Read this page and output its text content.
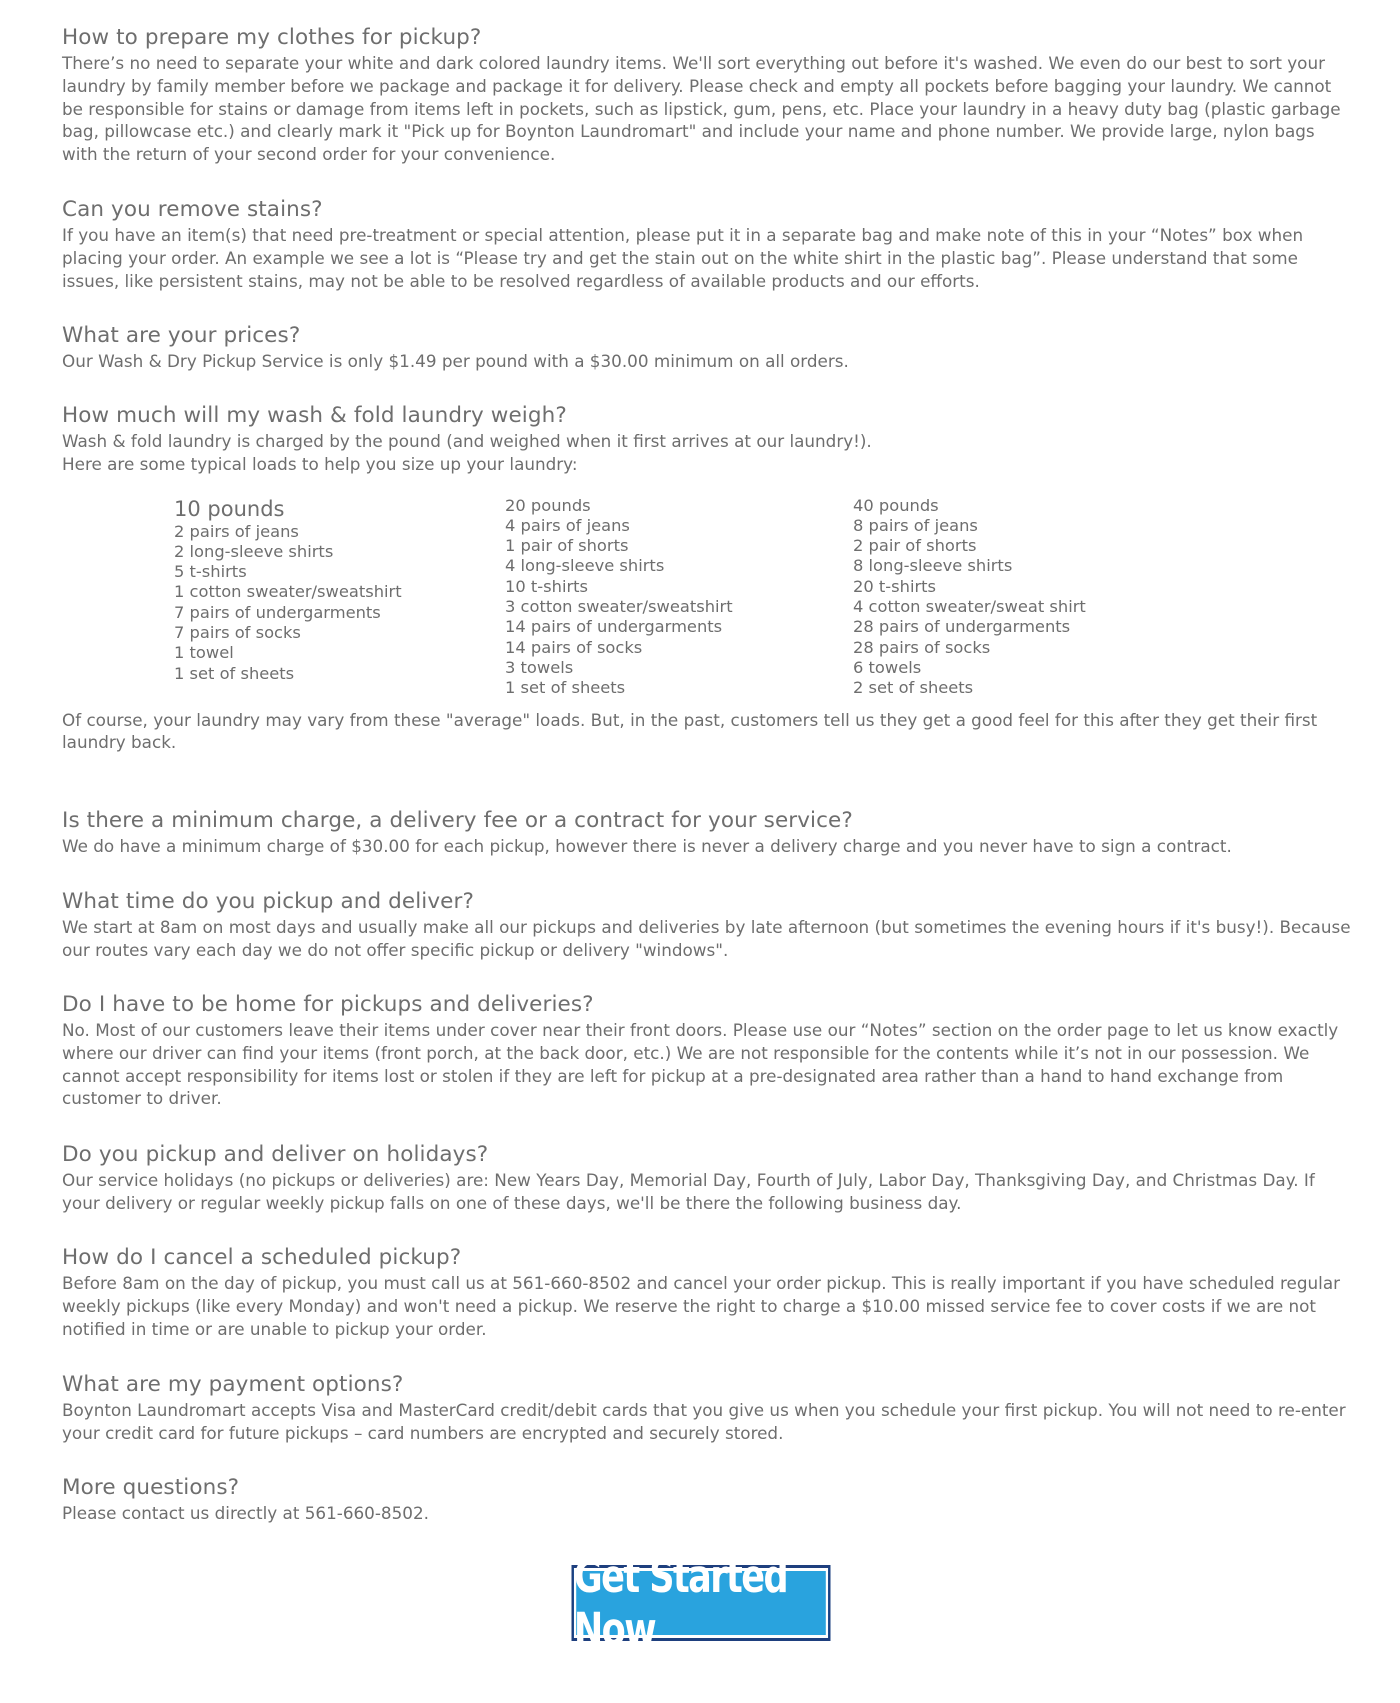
How to prepare my clothes for pickup?

There’s no need to separate your white and dark colored laundry items. We'll sort everything out before it's washed. We even do our best to sort your laundry by family member before we package and package it for delivery. Please check and empty all pockets before bagging your laundry. We cannot be responsible for stains or damage from items left in pockets, such as lipstick, gum, pens, etc. Place your laundry in a heavy duty bag (plastic garbage bag, pillowcase etc.) and clearly mark it "Pick up for Boynton Laundromart" and include your name and phone number. We provide large, nylon bags with the return of your second order for your convenience.

Can you remove stains?

If you have an item(s) that need pre-treatment or special attention, please put it in a separate bag and make note of this in your “Notes” box when placing your order. An example we see a lot is “Please try and get the stain out on the white shirt in the plastic bag”. Please understand that some issues, like persistent stains, may not be able to be resolved regardless of available products and our efforts.

What are your prices?

Our Wash & Dry Pickup Service is only $1.49 per pound with a $30.00 minimum on all orders.

How much will my wash & fold laundry weigh?

Wash & fold laundry is charged by the pound (and weighed when it first arrives at our laundry!).

Here are some typical loads to help you size up your laundry:

10 pounds
2 pairs of jeans
2 long-sleeve shirts
5 t-shirts
1 cotton sweater/sweatshirt
7 pairs of undergarments
7 pairs of socks
1 towel
1 set of sheets
20 pounds
4 pairs of jeans
1 pair of shorts
4 long-sleeve shirts
10 t-shirts
3 cotton sweater/sweatshirt
14 pairs of undergarments
14 pairs of socks
3 towels
1 set of sheets
40 pounds
8 pairs of jeans
2 pair of shorts
8 long-sleeve shirts
20 t-shirts
4 cotton sweater/sweat shirt
28 pairs of undergarments
28 pairs of socks
6 towels
2 set of sheets

Of course, your laundry may vary from these "average" loads. But, in the past, customers tell us they get a good feel for this after they get their first laundry back.

Is there a minimum charge, a delivery fee or a contract for your service?

We do have a minimum charge of $30.00 for each pickup, however there is never a delivery charge and you never have to sign a contract.

What time do you pickup and deliver?

We start at 8am on most days and usually make all our pickups and deliveries by late afternoon (but sometimes the evening hours if it's busy!). Because our routes vary each day we do not offer specific pickup or delivery "windows".

Do I have to be home for pickups and deliveries?

No. Most of our customers leave their items under cover near their front doors. Please use our “Notes” section on the order page to let us know exactly where our driver can find your items (front porch, at the back door, etc.) We are not responsible for the contents while it’s not in our possession. We cannot accept responsibility for items lost or stolen if they are left for pickup at a pre-designated area rather than a hand to hand exchange from customer to driver.

Do you pickup and deliver on holidays?

Our service holidays (no pickups or deliveries) are: New Years Day, Memorial Day, Fourth of July, Labor Day, Thanksgiving Day, and Christmas Day. If your delivery or regular weekly pickup falls on one of these days, we'll be there the following business day.

How do I cancel a scheduled pickup?

Before 8am on the day of pickup, you must call us at 561-660-8502 and cancel your order pickup. This is really important if you have scheduled regular weekly pickups (like every Monday) and won't need a pickup. We reserve the right to charge a $10.00 missed service fee to cover costs if we are not notified in time or are unable to pickup your order.

What are my payment options?

Boynton Laundromart accepts Visa and MasterCard credit/debit cards that you give us when you schedule your first pickup. You will not need to re-enter your credit card for future pickups – card numbers are encrypted and securely stored.

More questions?

Please contact us directly at 561-660-8502.

Get Started Now
